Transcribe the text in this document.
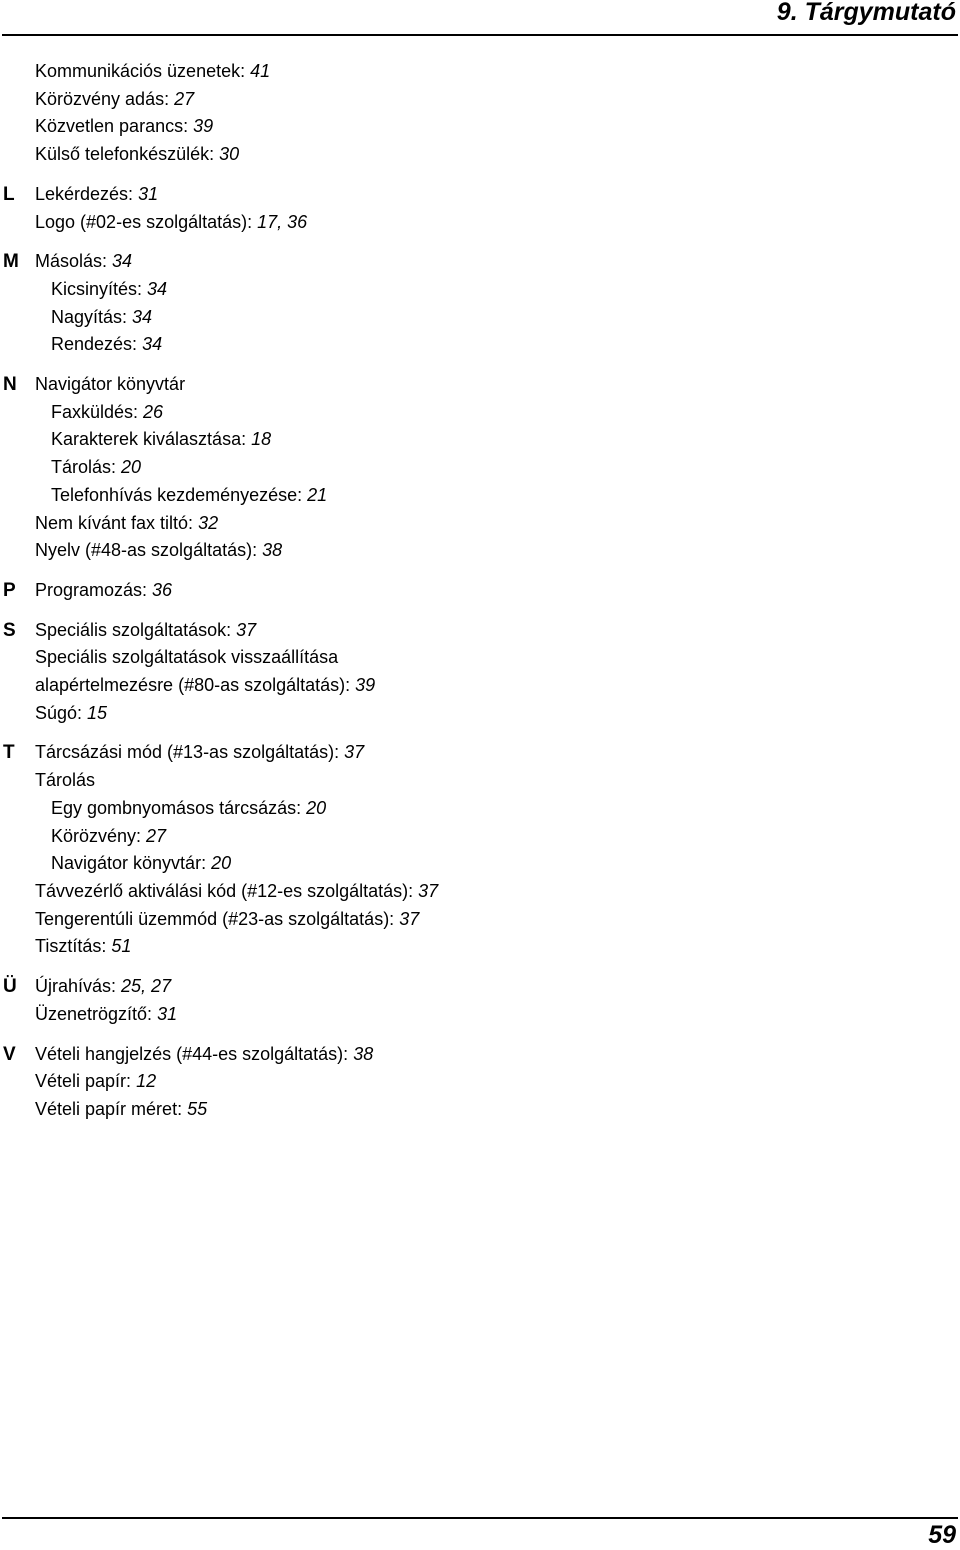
9. Tárgymutató
Kommunikációs üzenetek: 41
Körözvény adás: 27
Közvetlen parancs: 39
Külső telefonkészülék: 30
L	Lekérdezés: 31
Logo (#02-es szolgáltatás): 17, 36
M Másolás: 34
Kicsinyítés: 34
Nagyítás: 34
Rendezés: 34
N	Navigátor könyvtár
Faxküldés: 26
Karakterek kiválasztása: 18
Tárolás: 20
Telefonhívás kezdeményezése: 21
Nem kívánt fax tiltó: 32
Nyelv (#48-as szolgáltatás): 38
P	Programozás: 36
S	Speciális szolgáltatások: 37
Speciális szolgáltatások visszaállítása
alapértelmezésre (#80-as szolgáltatás): 39
Súgó: 15
T	Tárcsázási mód (#13-as szolgáltatás): 37
Tárolás
Egy gombnyomásos tárcsázás: 20
Körözvény: 27
Navigátor könyvtár: 20
Távvezérlő aktiválási kód (#12-es szolgáltatás): 37
Tengerentúli üzemmód (#23-as szolgáltatás): 37
Tisztítás: 51
Ü	Újrahívás: 25, 27
Üzenetrögzítő: 31
V	Vételi hangjelzés (#44-es szolgáltatás): 38
Vételi papír: 12
Vételi papír méret: 55
59
